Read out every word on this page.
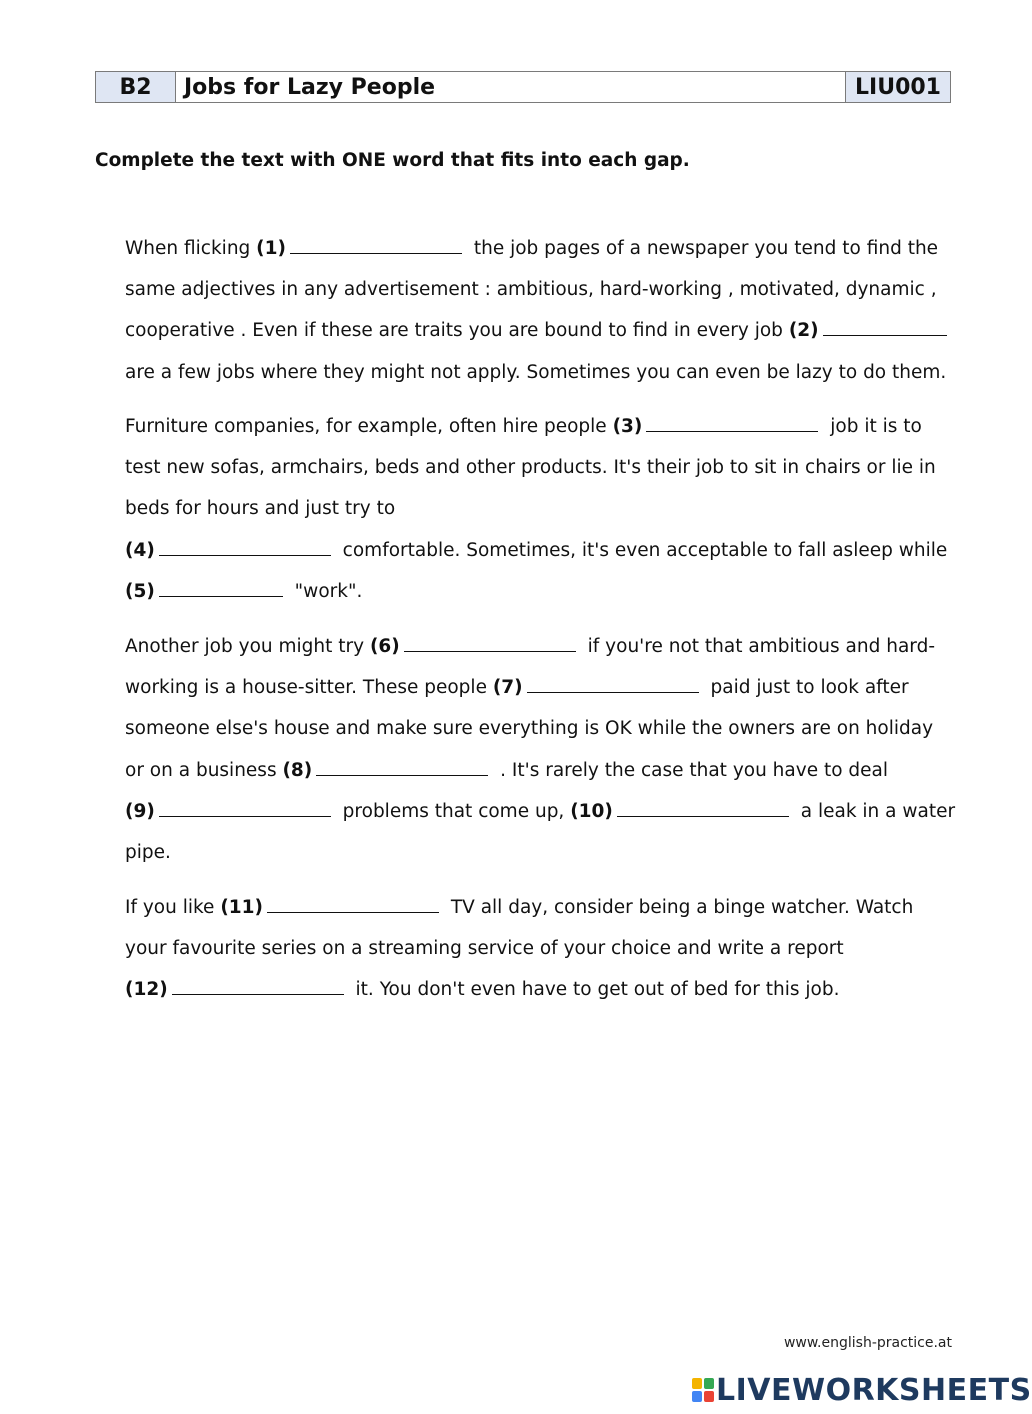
B2	Jobs for Lazy People	LIU001
Complete the text with ONE word that fits into each gap.
When flicking (1)	the job pages of a newspaper you tend to find the
same adjectives in any advertisement : ambitious, hard-working , motivated, dynamic ,
cooperative . Even if these are traits you are bound to find in every job (2)
are a few jobs where they might not apply. Sometimes you can even be lazy to do them.
Furniture companies, for example, often hire people (3)	job it is to
test new sofas, armchairs, beds and other products. It's their job to sit in chairs or lie in
beds for hours and just try to
(4)	comfortable. Sometimes, it's even acceptable to fall asleep while
(5)	"work".
Another job you might try (6)	if you're not that ambitious and hard-
working is a house-sitter. These people (7)	paid just to look after
someone else's house and make sure everything is OK while the owners are on holiday
or on a business (8)	. It's rarely the case that you have to deal
(9)	problems that come up, (10)	a leak in a water
pipe.
If you like (11)	TV all day, consider being a binge watcher. Watch
your favourite series on a streaming service of your choice and write a report
(12)	it. You don't even have to get out of bed for this job.
www.english-practice.at
LIVEWORKSHEETS
